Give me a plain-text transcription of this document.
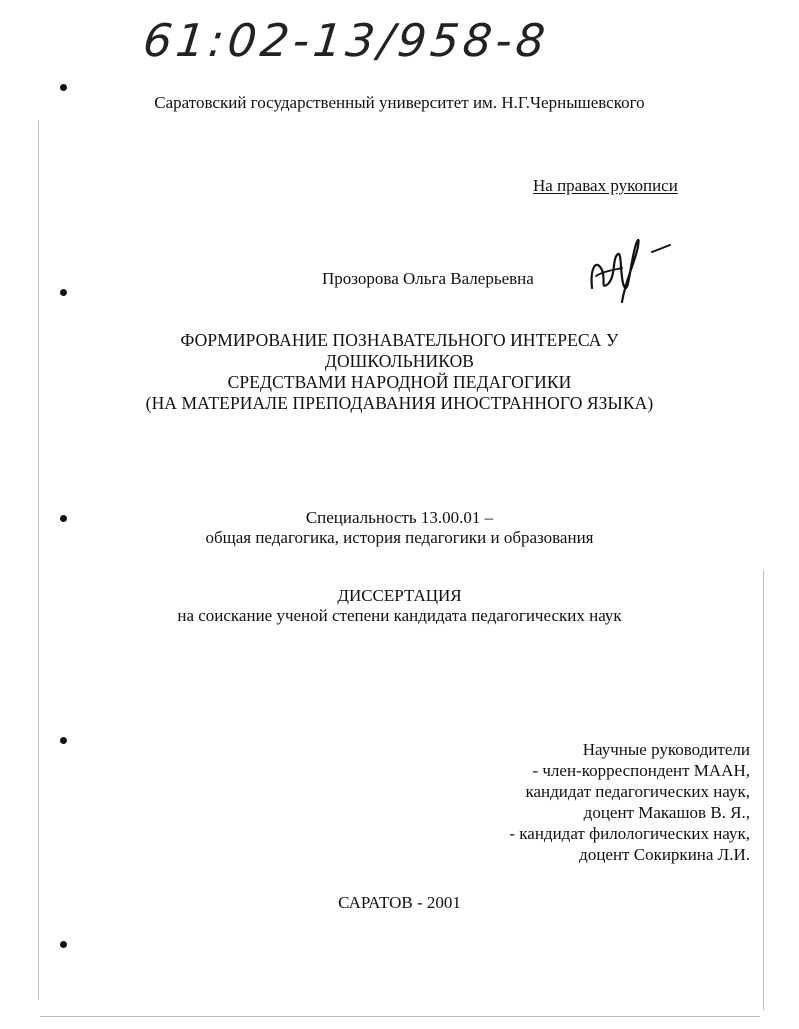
61:02-13/958-8
Саратовский государственный университет им. Н.Г.Чернышевского
На правах рукописи
Прозорова Ольга Валерьевна
ФОРМИРОВАНИЕ ПОЗНАВАТЕЛЬНОГО ИНТЕРЕСА У
ДОШКОЛЬНИКОВ
СРЕДСТВАМИ НАРОДНОЙ ПЕДАГОГИКИ
(НА МАТЕРИАЛЕ ПРЕПОДАВАНИЯ ИНОСТРАННОГО ЯЗЫКА)
Специальность 13.00.01 –
общая педагогика, история педагогики и образования
ДИССЕРТАЦИЯ
на соискание ученой степени кандидата педагогических наук
Научные руководители
- член-корреспондент МААН,
кандидат педагогических наук,
доцент Макашов В. Я.,
- кандидат филологических наук,
доцент Сокиркина Л.И.
САРАТОВ - 2001
